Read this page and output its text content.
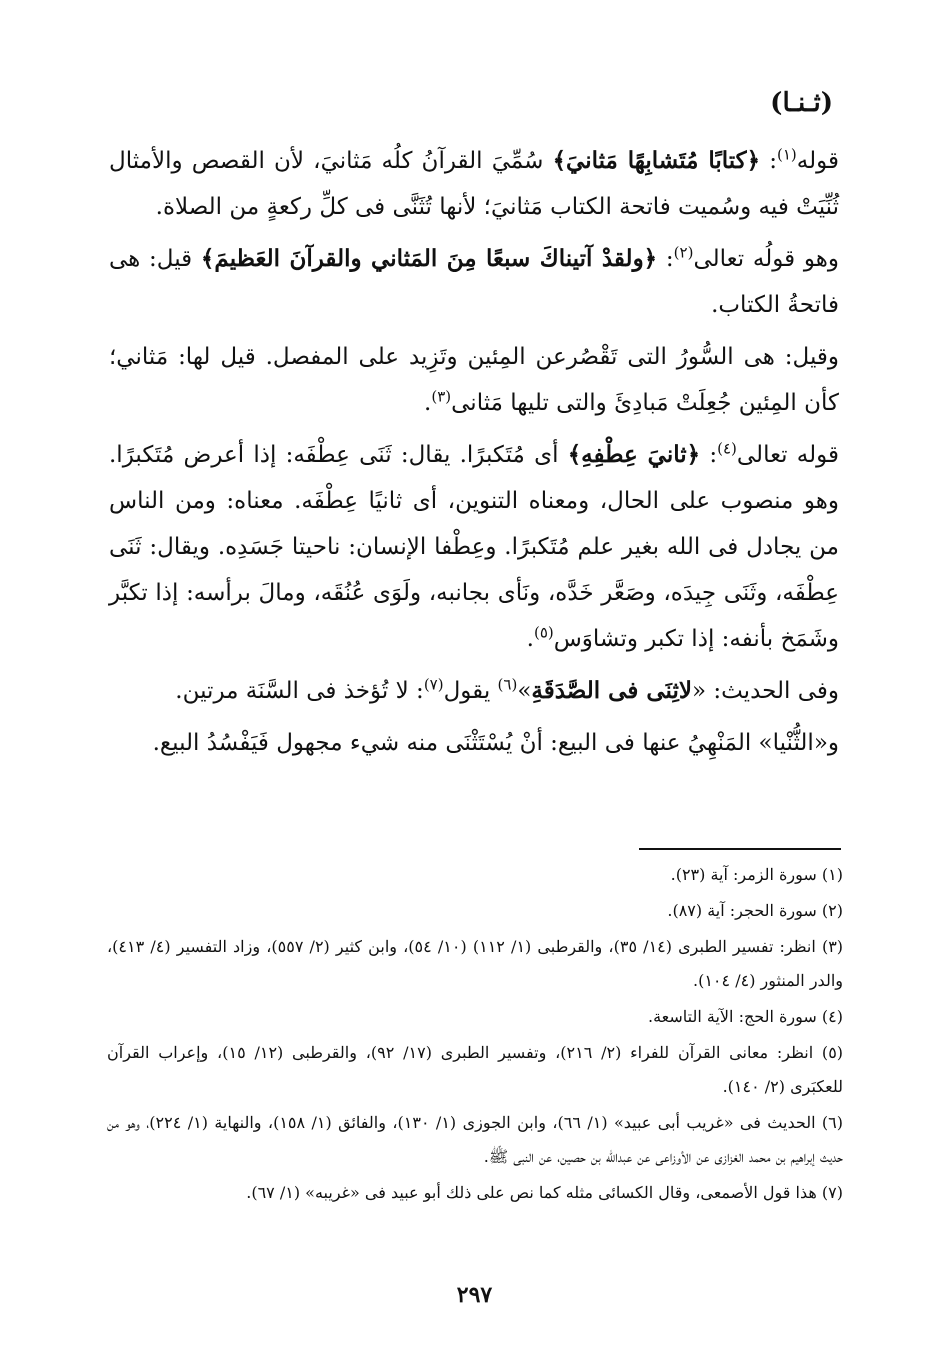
(ثـنـا)

قوله$^{(١)}$: ﴿كتابًا مُتَشابِهًا مَثانيَ﴾ سُمِّيَ القرآنُ كلُه مَثانيَ، لأن القصص والأمثال ثُنِّيَتْ فيه وسُميت فاتحة الكتاب مَثانيَ؛ لأنها تُثَنَّى فى كلِّ ركعةٍ من الصلاة.

وهو قولُه تعالى$^{(٢)}$: ﴿ولقدْ آتيناكَ سبعًا مِنَ المَثاني والقرآنَ العَظيمَ﴾ قيل: هى فاتحةُ الكتاب.

وقيل: هى السُّورُ التى تَقْصُرعن المِئين وتَزِيد على المفصل. قيل لها: مَثاني؛ كأن المِئين جُعِلَتْ مَبادِئَ والتى تليها مَثانى$^{(٣)}$.

قوله تعالى$^{(٤)}$: ﴿ثانيَ عِطْفِهِ﴾ أى مُتَكبرًا. يقال: ثَنَى عِطْفَه: إذا أعرض مُتَكبرًا. وهو منصوب على الحال، ومعناه التنوين، أى ثانيًا عِطْفَه. معناه: ومن الناس من يجادل فى الله بغير علم مُتَكبرًا. وعِطْفا الإنسان: ناحيتا جَسَدِه. ويقال: ثَنَى عِطْفَه، وثَنَى جِيدَه، وصَعَّر خَدَّه، ونَأى بجانبه، ولَوَى عُنُقَه، ومالَ برأسه: إذا تكبَّر وشَمَخ بأنفه: إذا تكبر وتشاوَس$^{(٥)}$.

وفى الحديث: «لاثِنَى فى الصَّدَقَةِ»$^{(٦)}$ يقول$^{(٧)}$: لا تُؤخذ فى السَّنَة مرتين.

و«الثُّنْيا» المَنْهِيُ عنها فى البيع: أنْ يُسْتَثْنَى منه شيء مجهول فَيَفْسُدُ البيع.

(١) سورة الزمر: آية (٢٣).

(٢) سورة الحجر: آية (٨٧).

(٣) انظر: تفسير الطبرى (١٤/ ٣٥)، والقرطبى (١/ ١١٢) (١٠/ ٥٤)، وابن كثير (٢/ ٥٥٧)، وزاد التفسير (٤/ ٤١٣)، والدر المنثور (٤/ ١٠٤).

(٤) سورة الحج: الآية التاسعة.

(٥) انظر: معانى القرآن للفراء (٢/ ٢١٦)، وتفسير الطبرى (١٧/ ٩٢)، والقرطبى (١٢/ ١٥)، وإعراب القرآن للعكبَرى (٢/ ١٤٠).

(٦) الحديث فى «غريب أبى عبيد» (١/ ٦٦)، وابن الجوزى (١/ ١٣٠)، والفائق (١/ ١٥٨)، والنهاية (١/ ٢٢٤)، وهو من حديث إبراهيم بن محمد الغزازى عن الأوزاعى عن عبدالله بن حصين، عن النبى ﷺ.

(٧) هذا قول الأصمعى، وقال الكسائى مثله كما نص على ذلك أبو عبيد فى «غريبه» (١/ ٦٧).

٢٩٧
